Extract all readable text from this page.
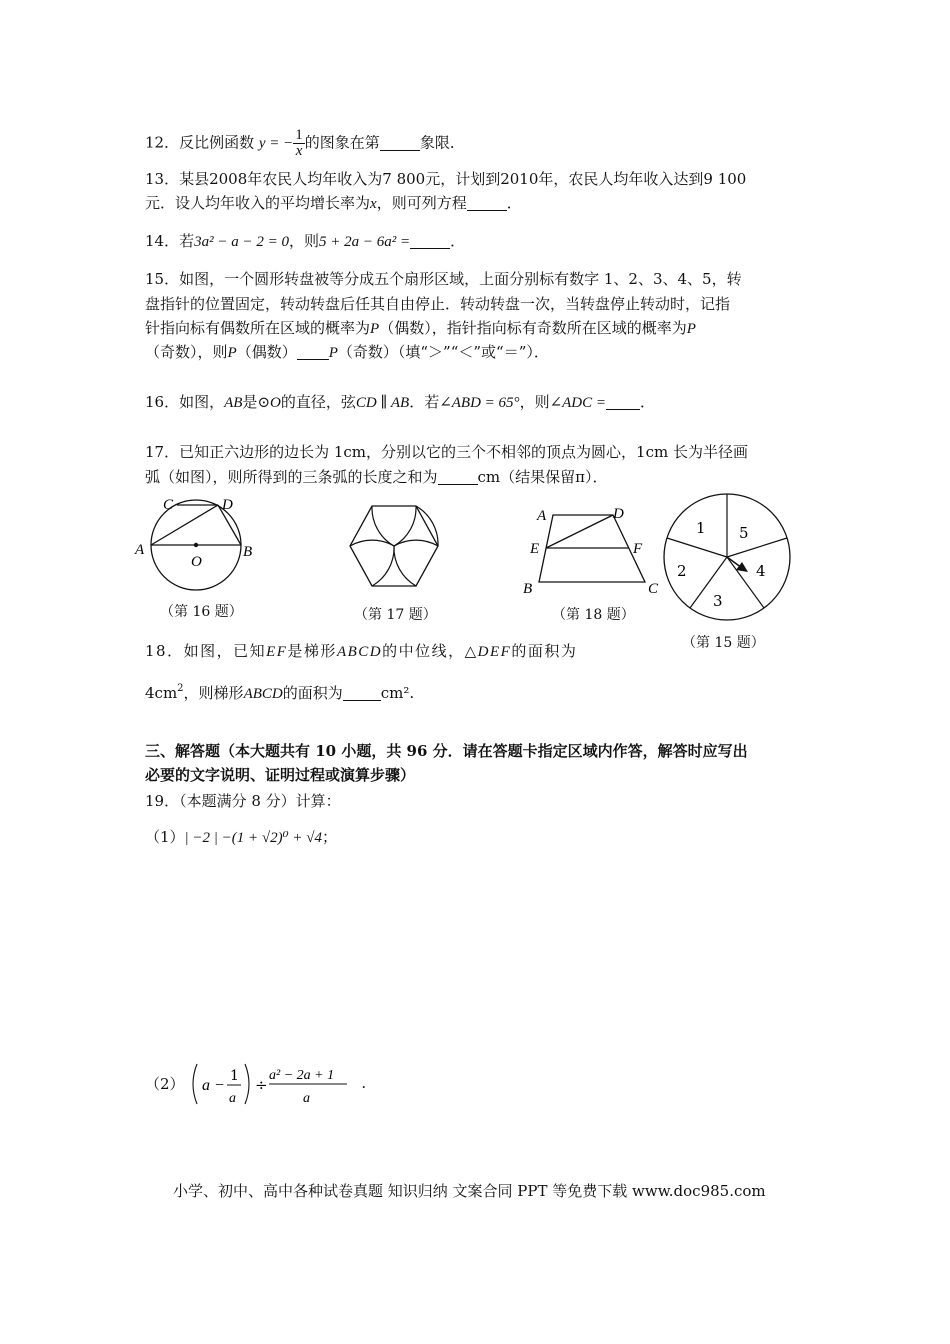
12．反比例函数 y = − $\frac{1}{x}$ 的图象在第	象限．
13．某县2008年农民人均年收入为7 800元，计划到2010年，农民人均年收入达到9 100
元．设人均年收入的平均增长率为x，则可列方程	．
14．若3a² − a − 2 = 0，则5 + 2a − 6a² =	．
15．如图，一个圆形转盘被等分成五个扇形区域，上面分别标有数字 1、2、3、4、5，转
盘指针的位置固定，转动转盘后任其自由停止．转动转盘一次，当转盘停止转动时，记指
针指向标有偶数所在区域的概率为P（偶数），指针指向标有奇数所在区域的概率为P
（奇数），则P（偶数） P（奇数）（填“＞”“＜”或“＝”）．
16．如图，AB是⊙O的直径，弦CD ∥ AB．若∠ABD = 65°，则∠ADC = ．
17．已知正六边形的边长为 1cm，分别以它的三个不相邻的顶点为圆心，1cm 长为半径画
弧（如图），则所得到的三条弧的长度之和为	cm（结果保留π）．
A	B
C	D
O
（第 16 题）	（第 17 题）
A	D
E	F
B	C
（第 18 题）
1 5
4
3
2
（第 15 题）
18．如图，已知EF是梯形ABCD的中位线，△DEF的面积为
$4cm^2$，则梯形ABCD的面积为	cm².
三、解答题（本大题共有 10 小题，共 96 分．请在答题卡指定区域内作答，解答时应写出
必要的文字说明、证明过程或演算步骤）
19．（本题满分 8 分）计算：
（1）| −2 | −(1 + √2)⁰ + √4；
（2） a −
1
a
÷
a² − 2a + 1
a
.
小学、初中、高中各种试卷真题 知识归纳 文案合同 PPT 等免费下载 www.doc985.com
